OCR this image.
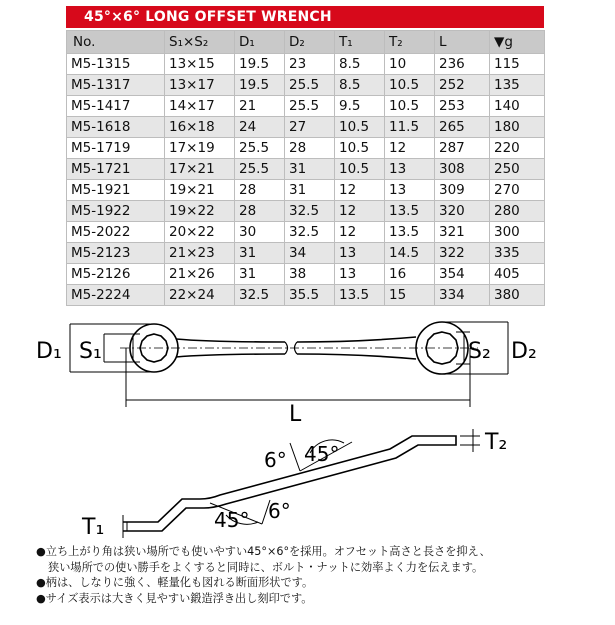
45°×6° LONG OFFSET WRENCH
No.	S₁×S₂	D₁	D₂	T₁	T₂	L	▼g
M5-1315	13×15	19.5	23	8.5	10	236	115
M5-1317	13×17	19.5	25.5	8.5	10.5	252	135
M5-1417	14×17	21	25.5	9.5	10.5	253	140
M5-1618	16×18	24	27	10.5	11.5	265	180
M5-1719	17×19	25.5	28	10.5	12	287	220
M5-1721	17×21	25.5	31	10.5	13	308	250
M5-1921	19×21	28	31	12	13	309	270
M5-1922	19×22	28	32.5	12	13.5	320	280
M5-2022	20×22	30	32.5	12	13.5	321	300
M5-2123	21×23	31	34	13	14.5	322	335
M5-2126	21×26	31	38	13	16	354	405
M5-2224	22×24	32.5	35.5	13.5	15	334	380
D₁ S₁	S₂ D₂
L
6° 45°
45° 6°
T₁
T₂
●立ち上がり角は狭い場所でも使いやすい45°×6°を採用。オフセット高さと長さを抑え、
狭い場所での使い勝手をよくすると同時に、ボルト・ナットに効率よく力を伝えます。
●柄は、しなりに強く、軽量化も図れる断面形状です。
●サイズ表示は大きく見やすい鍛造浮き出し刻印です。
